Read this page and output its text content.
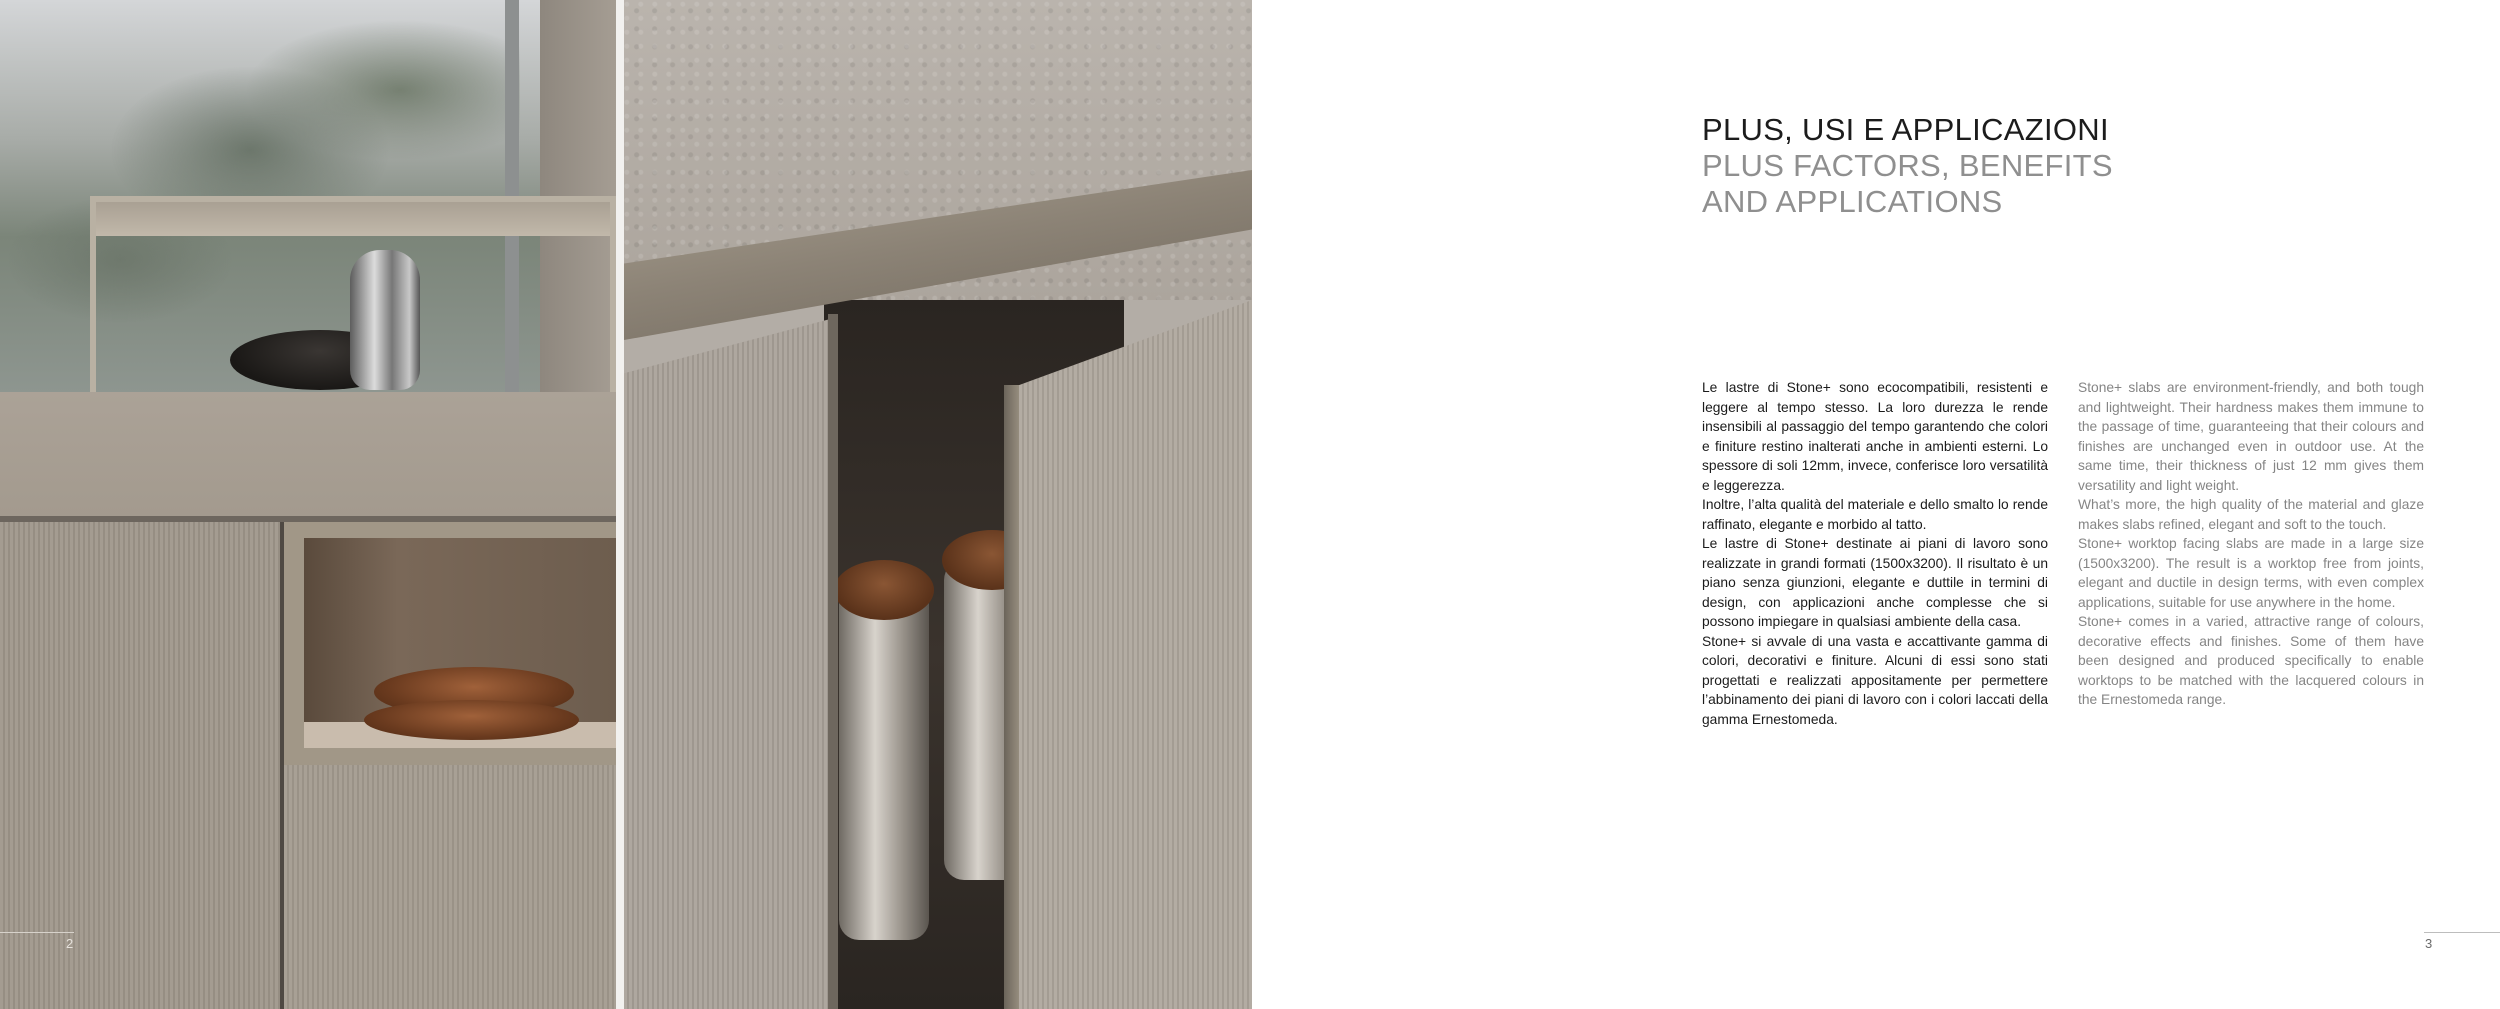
PLUS, USI E APPLICAZIONI
PLUS FACTORS, BENEFITS
AND APPLICATIONS

Le lastre di Stone+ sono ecocompatibili, resistenti e leggere al tempo stesso. La loro durezza le rende insensibili al passaggio del tempo garantendo che colori e finiture restino inalterati anche in ambienti esterni. Lo spessore di soli 12mm, invece, conferisce loro versatilità e leggerezza.

Inoltre, l’alta qualità del materiale e dello smalto lo rende raffinato, elegante e morbido al tatto.

Le lastre di Stone+ destinate ai piani di lavoro sono realizzate in grandi formati (1500x3200). Il risultato è un piano senza giunzioni, elegante e duttile in termini di design, con applicazioni anche complesse che si possono impiegare in qualsiasi ambiente della casa.

Stone+ si avvale di una vasta e accattivante gamma di colori, decorativi e finiture. Alcuni di essi sono stati progettati e realizzati appositamente per permettere l’abbinamento dei piani di lavoro con i colori laccati della gamma Ernestomeda.

Stone+ slabs are environment-friendly, and both tough and lightweight. Their hardness makes them immune to the passage of time, guaranteeing that their colours and finishes are unchanged even in outdoor use. At the same time, their thickness of just 12 mm gives them versatility and light weight.

What’s more, the high quality of the material and glaze makes slabs refined, elegant and soft to the touch.

Stone+ worktop facing slabs are made in a large size (1500x3200). The result is a worktop free from joints, elegant and ductile in design terms, with even complex applications, suitable for use anywhere in the home.

Stone+ comes in a varied, attractive range of colours, decorative effects and finishes. Some of them have been designed and produced specifically to enable worktops to be matched with the lacquered colours in the Ernestomeda range.

2	3
